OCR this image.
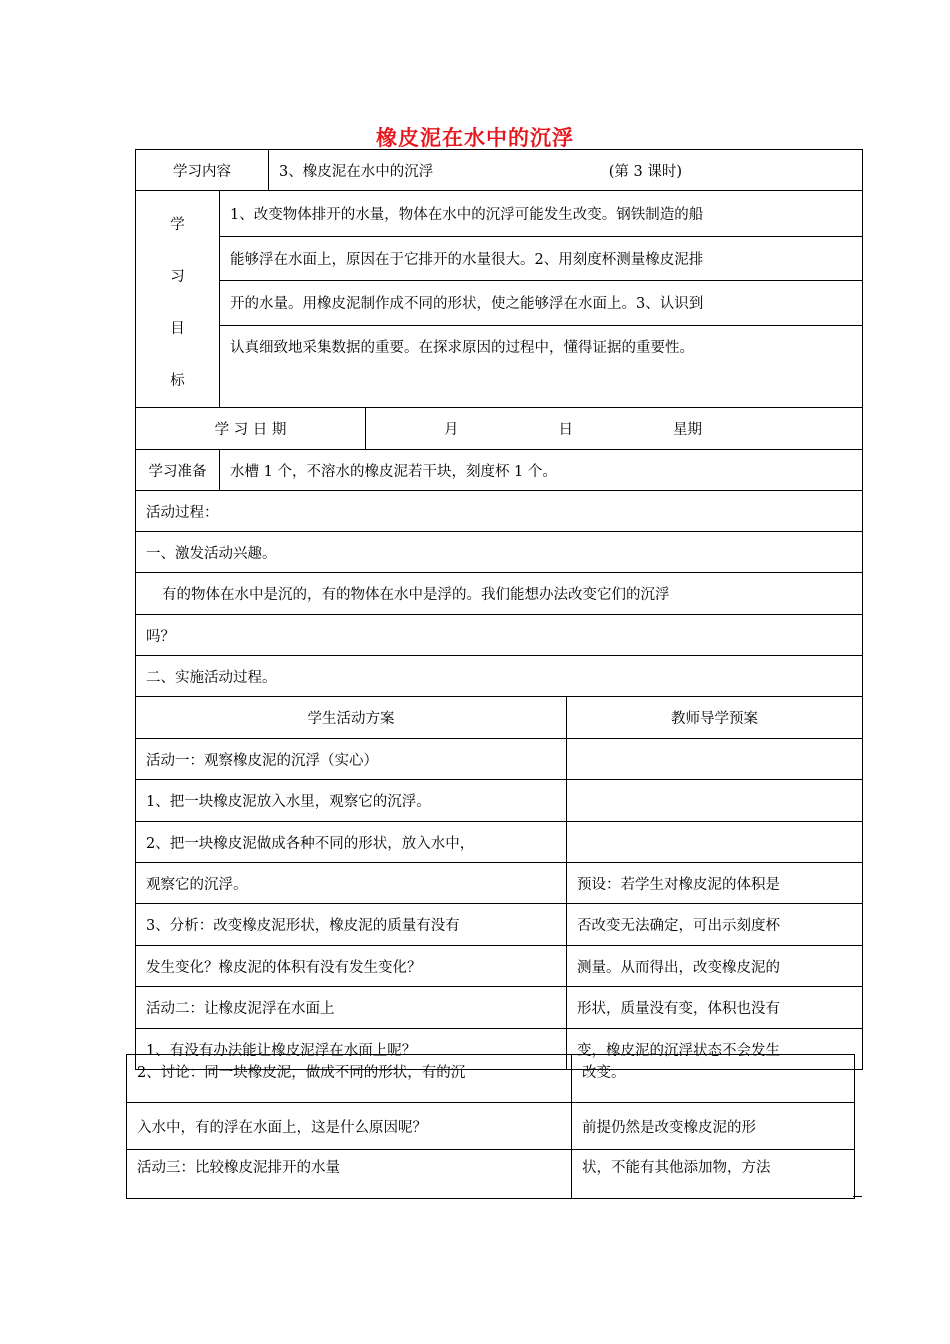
橡皮泥在水中的沉浮
学习内容		3、橡皮泥在水中的沉浮 (第 3 课时)		

学
习
目
标	1、改变物体排开的水量，物体在水中的沉浮可能发生改变。钢铁制造的船			
	能够浮在水面上，原因在于它排开的水量很大。2、用刻度杯测量橡皮泥排			
	开的水量。用橡皮泥制作成不同的形状，使之能够浮在水面上。3、认识到			
	认真细致地采集数据的重要。在探求原因的过程中，懂得证据的重要性。			
学 习 日 期			月 日 星期	

学习准备	水槽 1 个，不溶水的橡皮泥若干块，刻度杯 1 个。			
活动过程：				
一、激发活动兴趣。				
有的物体在水中是沉的，有的物体在水中是浮的。我们能想办法改变它们的沉浮				
吗？				
二、实施活动过程。				
学生活动方案				教师导学预案
活动一：观察橡皮泥的沉浮（实心）				
1、把一块橡皮泥放入水里，观察它的沉浮。				
2、把一块橡皮泥做成各种不同的形状，放入水中，				
观察它的沉浮。				预设：若学生对橡皮泥的体积是
3、分析：改变橡皮泥形状，橡皮泥的质量有没有				否改变无法确定，可出示刻度杯
发生变化？橡皮泥的体积有没有发生变化？				测量。从而得出，改变橡皮泥的
活动二：让橡皮泥浮在水面上				形状，质量没有变，体积也没有
1、有没有办法能让橡皮泥浮在水面上呢？				变，橡皮泥的沉浮状态不会发生
2、讨论：同一块橡皮泥，做成不同的形状，有的沉	改变。
入水中，有的浮在水面上，这是什么原因呢？	前提仍然是改变橡皮泥的形
活动三：比较橡皮泥排开的水量	状，不能有其他添加物，方法
